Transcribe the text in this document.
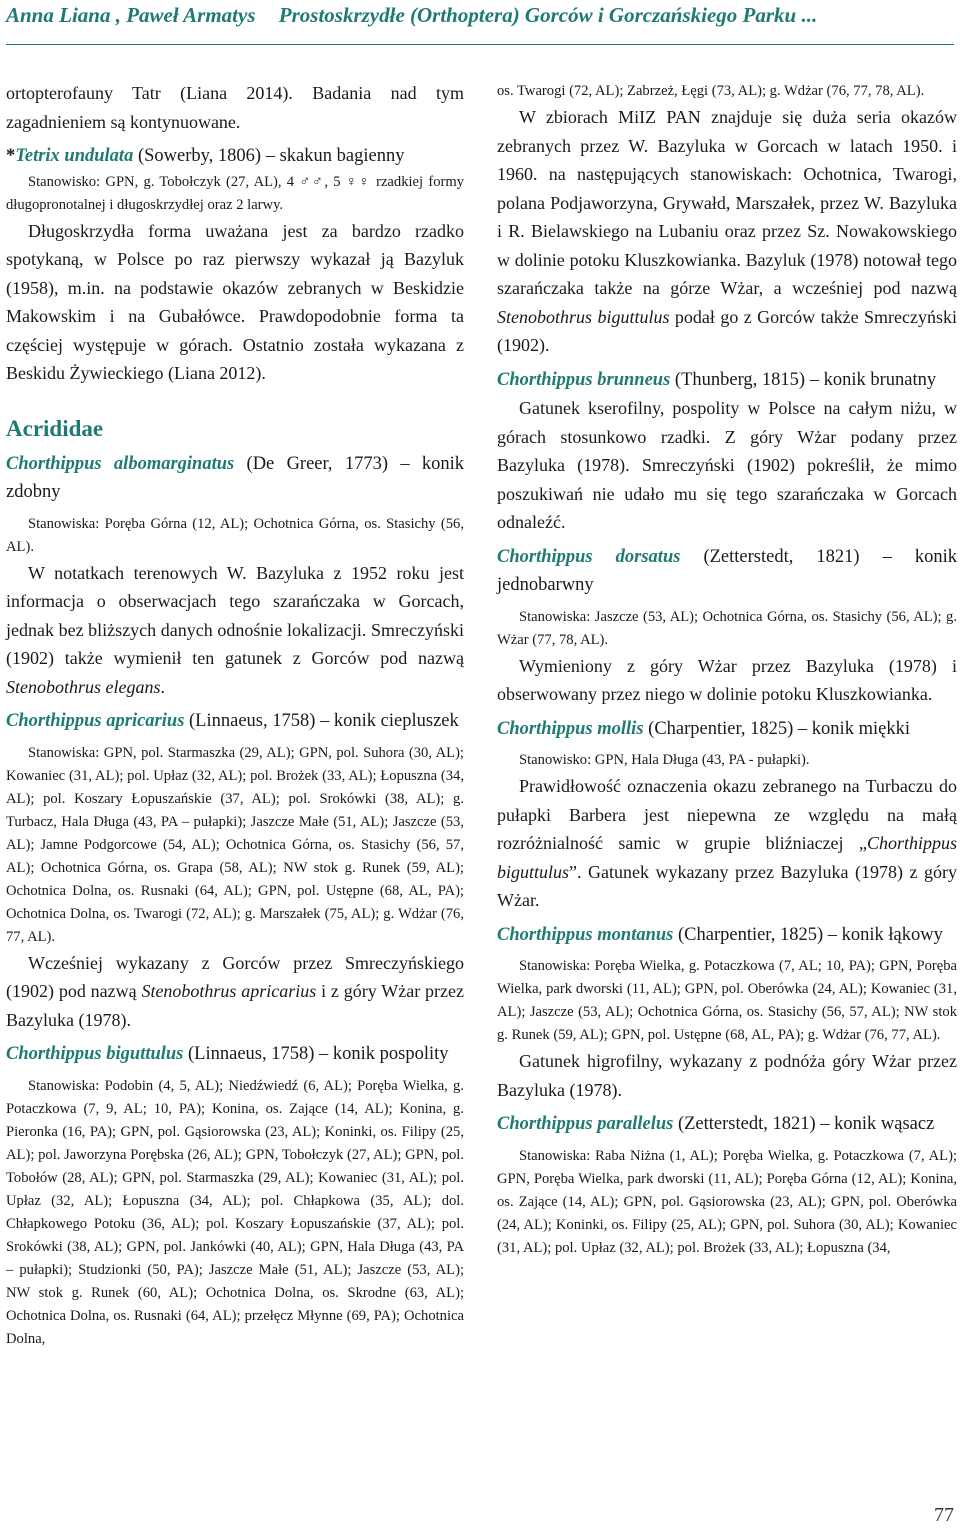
Anna Liana , Paweł Armatys Prostoskrzydłe (Orthoptera) Gorców i Gorczańskiego Parku ...

ortopterofauny Tatr (Liana 2014). Badania nad tym zagadnieniem są kontynuowane.

*Tetrix undulata (Sowerby, 1806) – skakun bagienny

Stanowisko: GPN, g. Tobołczyk (27, AL), 4 ♂♂, 5 ♀♀ rzadkiej formy długopronotalnej i długoskrzydłej oraz 2 larwy.

Długoskrzydła forma uważana jest za bardzo rzadko spotykaną, w Polsce po raz pierwszy wykazał ją Bazyluk (1958), m.in. na podstawie okazów zebranych w Beskidzie Makowskim i na Gubałówce. Prawdopodobnie forma ta częściej występuje w górach. Ostatnio została wykazana z Beskidu Żywieckiego (Liana 2012).

Acrididae

Chorthippus albomarginatus (De Greer, 1773) – konik zdobny

Stanowiska: Poręba Górna (12, AL); Ochotnica Górna, os. Stasichy (56, AL).

W notatkach terenowych W. Bazyluka z 1952 roku jest informacja o obserwacjach tego szarańczaka w Gorcach, jednak bez bliższych danych odnośnie lokalizacji. Smreczyński (1902) także wymienił ten gatunek z Gorców pod nazwą Stenobothrus elegans.

Chorthippus apricarius (Linnaeus, 1758) – konik ciepluszek

Stanowiska: GPN, pol. Starmaszka (29, AL); GPN, pol. Suhora (30, AL); Kowaniec (31, AL); pol. Upłaz (32, AL); pol. Brożek (33, AL); Łopuszna (34, AL); pol. Koszary Łopuszańskie (37, AL); pol. Srokówki (38, AL); g. Turbacz, Hala Długa (43, PA – pułapki); Jaszcze Małe (51, AL); Jaszcze (53, AL); Jamne Podgorcowe (54, AL); Ochotnica Górna, os. Stasichy (56, 57, AL); Ochotnica Górna, os. Grapa (58, AL); NW stok g. Runek (59, AL); Ochotnica Dolna, os. Rusnaki (64, AL); GPN, pol. Ustępne (68, AL, PA); Ochotnica Dolna, os. Twarogi (72, AL); g. Marszałek (75, AL); g. Wdżar (76, 77, AL).

Wcześniej wykazany z Gorców przez Smreczyńskiego (1902) pod nazwą Stenobothrus apricarius i z góry Wżar przez Bazyluka (1978).

Chorthippus biguttulus (Linnaeus, 1758) – konik pospolity

Stanowiska: Podobin (4, 5, AL); Niedźwiedź (6, AL); Poręba Wielka, g. Potaczkowa (7, 9, AL; 10, PA); Konina, os. Zające (14, AL); Konina, g. Pieronka (16, PA); GPN, pol. Gąsiorowska (23, AL); Koninki, os. Filipy (25, AL); pol. Jaworzyna Porębska (26, AL); GPN, Tobołczyk (27, AL); GPN, pol. Tobołów (28, AL); GPN, pol. Starmaszka (29, AL); Kowaniec (31, AL); pol. Upłaz (32, AL); Łopuszna (34, AL); pol. Chłapkowa (35, AL); dol. Chłapkowego Potoku (36, AL); pol. Koszary Łopuszańskie (37, AL); pol. Srokówki (38, AL); GPN, pol. Jankówki (40, AL); GPN, Hala Długa (43, PA – pułapki); Studzionki (50, PA); Jaszcze Małe (51, AL); Jaszcze (53, AL); NW stok g. Runek (60, AL); Ochotnica Dolna, os. Skrodne (63, AL); Ochotnica Dolna, os. Rusnaki (64, AL); przełęcz Młynne (69, PA); Ochotnica Dolna,

os. Twarogi (72, AL); Zabrzeż, Łęgi (73, AL); g. Wdżar (76, 77, 78, AL).

W zbiorach MiIZ PAN znajduje się duża seria okazów zebranych przez W. Bazyluka w Gorcach w latach 1950. i 1960. na następujących stanowiskach: Ochotnica, Twarogi, polana Podjaworzyna, Grywałd, Marszałek, przez W. Bazyluka i R. Bielawskiego na Lubaniu oraz przez Sz. Nowakowskiego w dolinie potoku Kluszkowianka. Bazyluk (1978) notował tego szarańczaka także na górze Wżar, a wcześniej pod nazwą Stenobothrus biguttulus podał go z Gorców także Smreczyński (1902).

Chorthippus brunneus (Thunberg, 1815) – konik brunatny

Gatunek kserofilny, pospolity w Polsce na całym niżu, w górach stosunkowo rzadki. Z góry Wżar podany przez Bazyluka (1978). Smreczyński (1902) pokreślił, że mimo poszukiwań nie udało mu się tego szarańczaka w Gorcach odnaleźć.

Chorthippus dorsatus (Zetterstedt, 1821) – konik jednobarwny

Stanowiska: Jaszcze (53, AL); Ochotnica Górna, os. Stasichy (56, AL); g. Wżar (77, 78, AL).

Wymieniony z góry Wżar przez Bazyluka (1978) i obserwowany przez niego w dolinie potoku Kluszkowianka.

Chorthippus mollis (Charpentier, 1825) – konik miękki

Stanowisko: GPN, Hala Długa (43, PA - pułapki).

Prawidłowość oznaczenia okazu zebranego na Turbaczu do pułapki Barbera jest niepewna ze względu na małą rozróżnialność samic w grupie bliźniaczej „Chorthippus biguttulus”. Gatunek wykazany przez Bazyluka (1978) z góry Wżar.

Chorthippus montanus (Charpentier, 1825) – konik łąkowy

Stanowiska: Poręba Wielka, g. Potaczkowa (7, AL; 10, PA); GPN, Poręba Wielka, park dworski (11, AL); GPN, pol. Oberówka (24, AL); Kowaniec (31, AL); Jaszcze (53, AL); Ochotnica Górna, os. Stasichy (56, 57, AL); NW stok g. Runek (59, AL); GPN, pol. Ustępne (68, AL, PA); g. Wdżar (76, 77, AL).

Gatunek higrofilny, wykazany z podnóża góry Wżar przez Bazyluka (1978).

Chorthippus parallelus (Zetterstedt, 1821) – konik wąsacz

Stanowiska: Raba Niżna (1, AL); Poręba Wielka, g. Potaczkowa (7, AL); GPN, Poręba Wielka, park dworski (11, AL); Poręba Górna (12, AL); Konina, os. Zające (14, AL); GPN, pol. Gąsiorowska (23, AL); GPN, pol. Oberówka (24, AL); Koninki, os. Filipy (25, AL); GPN, pol. Suhora (30, AL); Kowaniec (31, AL); pol. Upłaz (32, AL); pol. Brożek (33, AL); Łopuszna (34,

77
